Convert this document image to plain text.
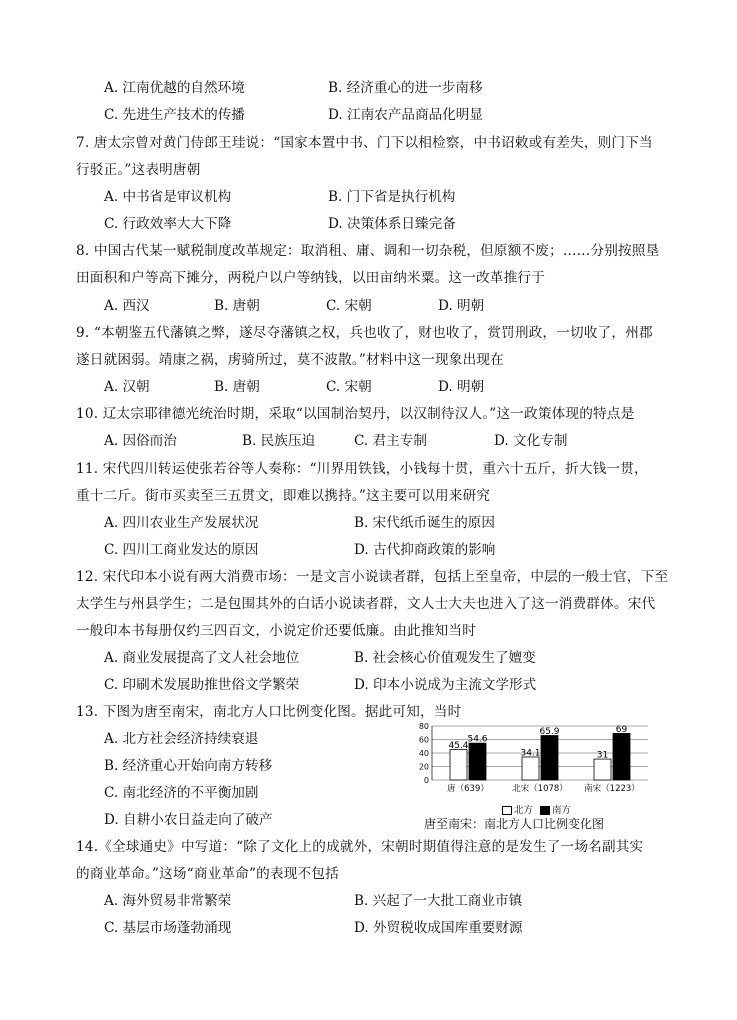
A. 江南优越的自然环境	B. 经济重心的进一步南移
C. 先进生产技术的传播	D. 江南农产品商品化明显
7. 唐太宗曾对黄门侍郎王珪说：“国家本置中书、门下以相检察，中书诏敕或有差失，则门下当
行驳正。”这表明唐朝
A. 中书省是审议机构	B. 门下省是执行机构
C. 行政效率大大下降	D. 决策体系日臻完备
8. 中国古代某一赋税制度改革规定：取消租、庸、调和一切杂税，但原额不废；……分别按照垦
田面积和户等高下摊分，两税户以户等纳钱，以田亩纳米粟。这一改革推行于
A. 西汉	B. 唐朝	C. 宋朝	D. 明朝
9. “本朝鉴五代藩镇之弊，遂尽夺藩镇之权，兵也收了，财也收了，赏罚刑政，一切收了，州郡
遂日就困弱。靖康之祸，虏骑所过，莫不波散。”材料中这一现象出现在
A. 汉朝	B. 唐朝	C. 宋朝	D. 明朝
10. 辽太宗耶律德光统治时期，采取“以国制治契丹，以汉制待汉人。”这一政策体现的特点是
A. 因俗而治	B. 民族压迫	C. 君主专制	D. 文化专制
11. 宋代四川转运使张若谷等人奏称：“川界用铁钱，小钱每十贯，重六十五斤，折大钱一贯，
重十二斤。街市买卖至三五贯文，即难以携持。”这主要可以用来研究
A. 四川农业生产发展状况	B. 宋代纸币诞生的原因
C. 四川工商业发达的原因	D. 古代抑商政策的影响
12. 宋代印本小说有两大消费市场：一是文言小说读者群，包括上至皇帝，中层的一般士官，下至
太学生与州县学生；二是包围其外的白话小说读者群，文人士大夫也进入了这一消费群体。宋代
一般印本书每册仅约三四百文，小说定价还要低廉。由此推知当时
A. 商业发展提高了文人社会地位	B. 社会核心价值观发生了嬗变
C. 印刷术发展助推世俗文学繁荣	D. 印本小说成为主流文学形式
13. 下图为唐至南宋，南北方人口比例变化图。据此可知，当时
A. 北方社会经济持续衰退
B. 经济重心开始向南方转移
C. 南北经济的不平衡加剧
D. 自耕小农日益走向了破产
0
20
40
60
80
45.4
54.6
唐（639）
34.1
65.9
北宋（1078）
31
69
南宋（1223）
北方 南方
唐至南宋：南北方人口比例变化图
14.《全球通史》中写道：“除了文化上的成就外，宋朝时期值得注意的是发生了一场名副其实
的商业革命。”这场“商业革命”的表现不包括
A. 海外贸易非常繁荣	B. 兴起了一大批工商业市镇
C. 基层市场蓬勃涌现	D. 外贸税收成国库重要财源
